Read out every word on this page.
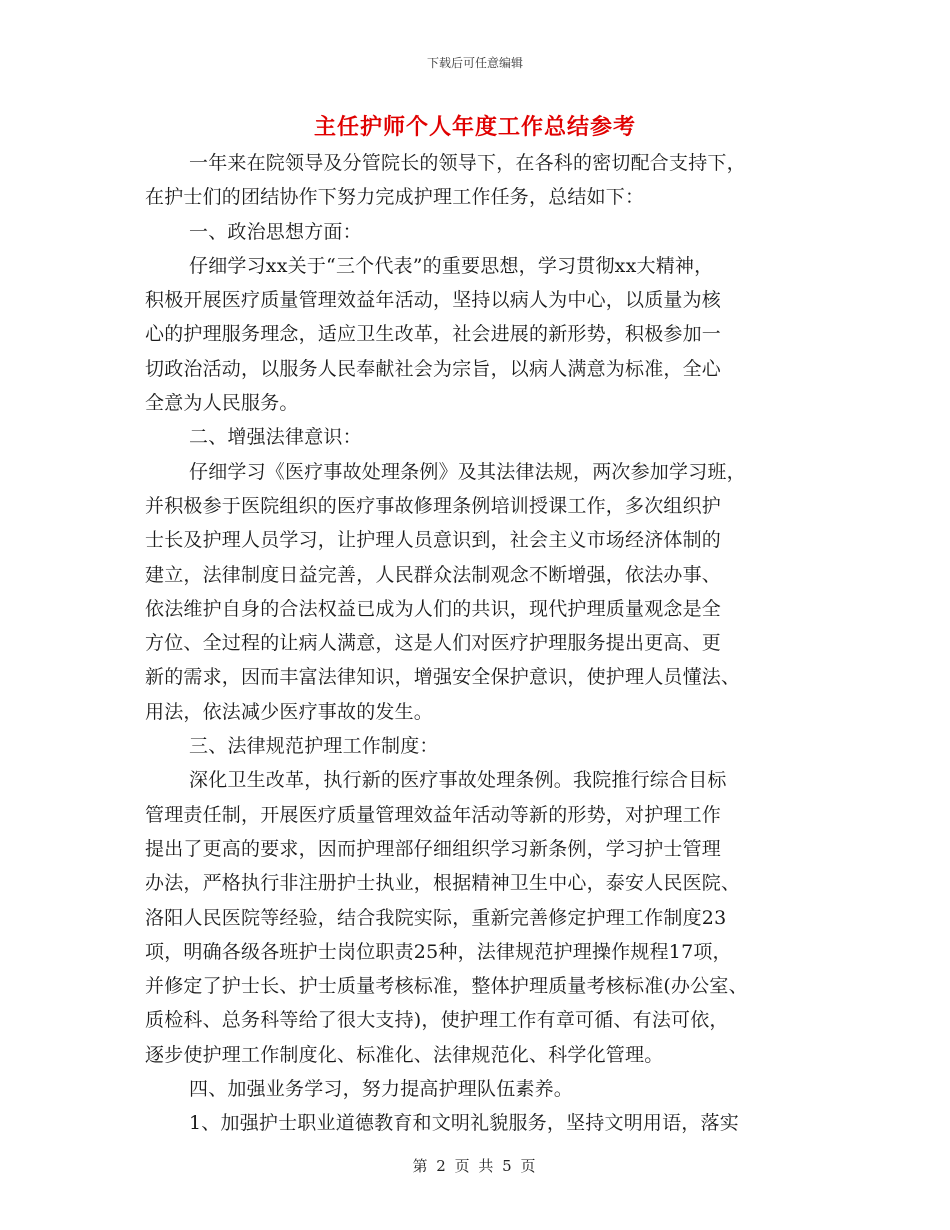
下载后可任意编辑
主任护师个人年度工作总结参考
一年来在院领导及分管院长的领导下，在各科的密切配合支持下，
在护士们的团结协作下努力完成护理工作任务，总结如下：
一、政治思想方面：
仔细学习xx关于“三个代表”的重要思想，学习贯彻xx大精神，
积极开展医疗质量管理效益年活动，坚持以病人为中心，以质量为核
心的护理服务理念，适应卫生改革，社会进展的新形势，积极参加一
切政治活动，以服务人民奉献社会为宗旨，以病人满意为标准，全心
全意为人民服务。
二、增强法律意识：
仔细学习《医疗事故处理条例》及其法律法规，两次参加学习班，
并积极参于医院组织的医疗事故修理条例培训授课工作，多次组织护
士长及护理人员学习，让护理人员意识到，社会主义市场经济体制的
建立，法律制度日益完善，人民群众法制观念不断增强，依法办事、
依法维护自身的合法权益已成为人们的共识，现代护理质量观念是全
方位、全过程的让病人满意，这是人们对医疗护理服务提出更高、更
新的需求，因而丰富法律知识，增强安全保护意识，使护理人员懂法、
用法，依法减少医疗事故的发生。
三、法律规范护理工作制度：
深化卫生改革，执行新的医疗事故处理条例。我院推行综合目标
管理责任制，开展医疗质量管理效益年活动等新的形势，对护理工作
提出了更高的要求，因而护理部仔细组织学习新条例，学习护士管理
办法，严格执行非注册护士执业，根据精神卫生中心，泰安人民医院、
洛阳人民医院等经验，结合我院实际，重新完善修定护理工作制度23
项，明确各级各班护士岗位职责25种，法律规范护理操作规程17项，
并修定了护士长、护士质量考核标准，整体护理质量考核标准(办公室、
质检科、总务科等给了很大支持)，使护理工作有章可循、有法可依，
逐步使护理工作制度化、标准化、法律规范化、科学化管理。
四、加强业务学习，努力提高护理队伍素养。
1、加强护士职业道德教育和文明礼貌服务，坚持文明用语，落实
第 2 页 共 5 页
